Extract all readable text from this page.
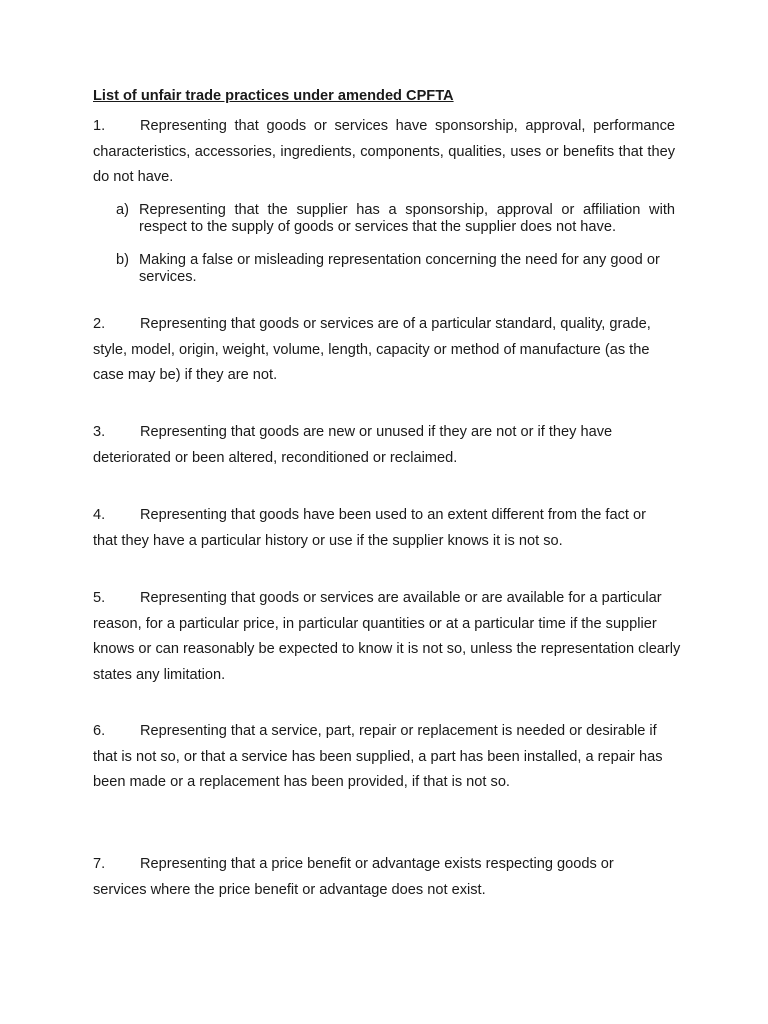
List of unfair trade practices under amended CPFTA
1. Representing that goods or services have sponsorship, approval, performance characteristics, accessories, ingredients, components, qualities, uses or benefits that they do not have.
a) Representing that the supplier has a sponsorship, approval or affiliation with respect to the supply of goods or services that the supplier does not have.
b) Making a false or misleading representation concerning the need for any good or services.
2. Representing that goods or services are of a particular standard, quality, grade, style, model, origin, weight, volume, length, capacity or method of manufacture (as the case may be) if they are not.
3. Representing that goods are new or unused if they are not or if they have deteriorated or been altered, reconditioned or reclaimed.
4. Representing that goods have been used to an extent different from the fact or that they have a particular history or use if the supplier knows it is not so.
5. Representing that goods or services are available or are available for a particular reason, for a particular price, in particular quantities or at a particular time if the supplier knows or can reasonably be expected to know it is not so, unless the representation clearly states any limitation.
6. Representing that a service, part, repair or replacement is needed or desirable if that is not so, or that a service has been supplied, a part has been installed, a repair has been made or a replacement has been provided, if that is not so.
7. Representing that a price benefit or advantage exists respecting goods or services where the price benefit or advantage does not exist.
